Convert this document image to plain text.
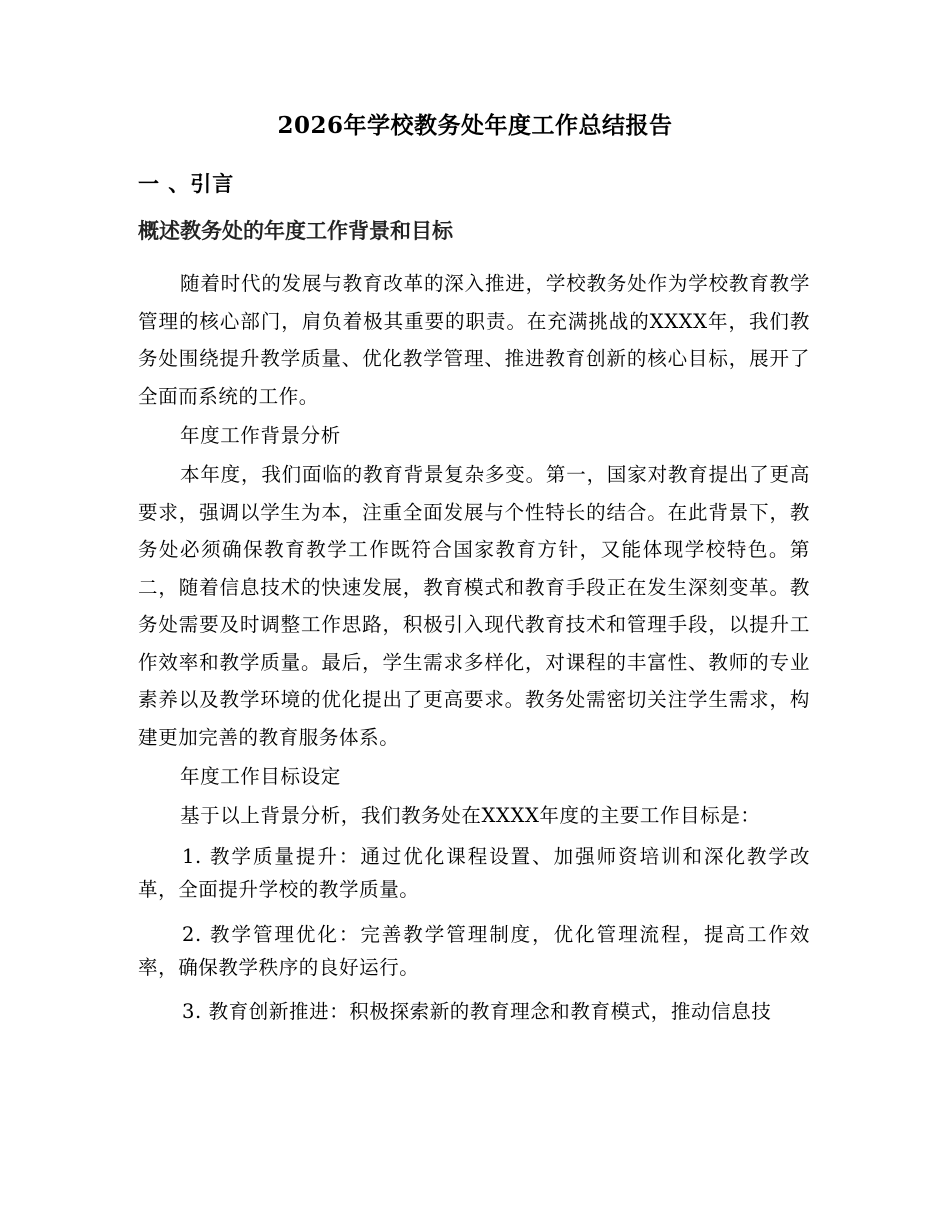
2026年学校教务处年度工作总结报告
一 、引言
概述教务处的年度工作背景和目标

随着时代的发展与教育改革的深入推进，学校教务处作为学校教育教学管理的核心部门，肩负着极其重要的职责。在充满挑战的XXXX年，我们教务处围绕提升教学质量、优化教学管理、推进教育创新的核心目标，展开了全面而系统的工作。

年度工作背景分析

本年度，我们面临的教育背景复杂多变。第一，国家对教育提出了更高要求，强调以学生为本，注重全面发展与个性特长的结合。在此背景下，教务处必须确保教育教学工作既符合国家教育方针，又能体现学校特色。第二，随着信息技术的快速发展，教育模式和教育手段正在发生深刻变革。教务处需要及时调整工作思路，积极引入现代教育技术和管理手段，以提升工作效率和教学质量。最后，学生需求多样化，对课程的丰富性、教师的专业素养以及教学环境的优化提出了更高要求。教务处需密切关注学生需求，构建更加完善的教育服务体系。

年度工作目标设定

基于以上背景分析，我们教务处在XXXX年度的主要工作目标是：

1. 教学质量提升：通过优化课程设置、加强师资培训和深化教学改革，全面提升学校的教学质量。

2. 教学管理优化：完善教学管理制度，优化管理流程，提高工作效率，确保教学秩序的良好运行。

3. 教育创新推进：积极探索新的教育理念和教育模式，推动信息技
